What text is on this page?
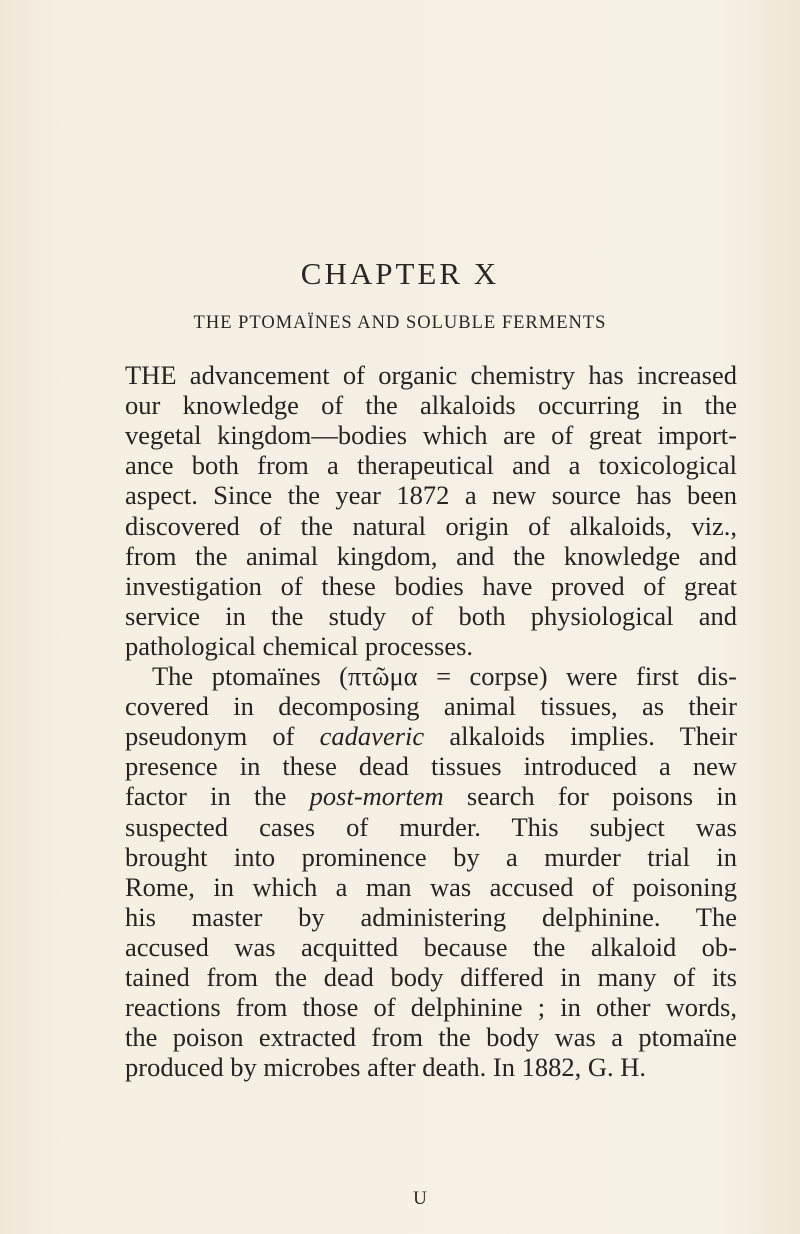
CHAPTER X
THE PTOMAÏNES AND SOLUBLE FERMENTS
THE advancement of organic chemistry has increased
our knowledge of the alkaloids occurring in the
vegetal kingdom—bodies which are of great import-
ance both from a therapeutical and a toxicological
aspect. Since the year 1872 a new source has been
discovered of the natural origin of alkaloids, viz.,
from the animal kingdom, and the knowledge and
investigation of these bodies have proved of great
service in the study of both physiological and
pathological chemical processes.
The ptomaïnes (πτῶμα = corpse) were first dis-
covered in decomposing animal tissues, as their
pseudonym of cadaveric alkaloids implies. Their
presence in these dead tissues introduced a new
factor in the post-mortem search for poisons in
suspected cases of murder. This subject was
brought into prominence by a murder trial in
Rome, in which a man was accused of poisoning
his master by administering delphinine. The
accused was acquitted because the alkaloid ob-
tained from the dead body differed in many of its
reactions from those of delphinine ; in other words,
the poison extracted from the body was a ptomaïne
produced by microbes after death. In 1882, G. H.
U
